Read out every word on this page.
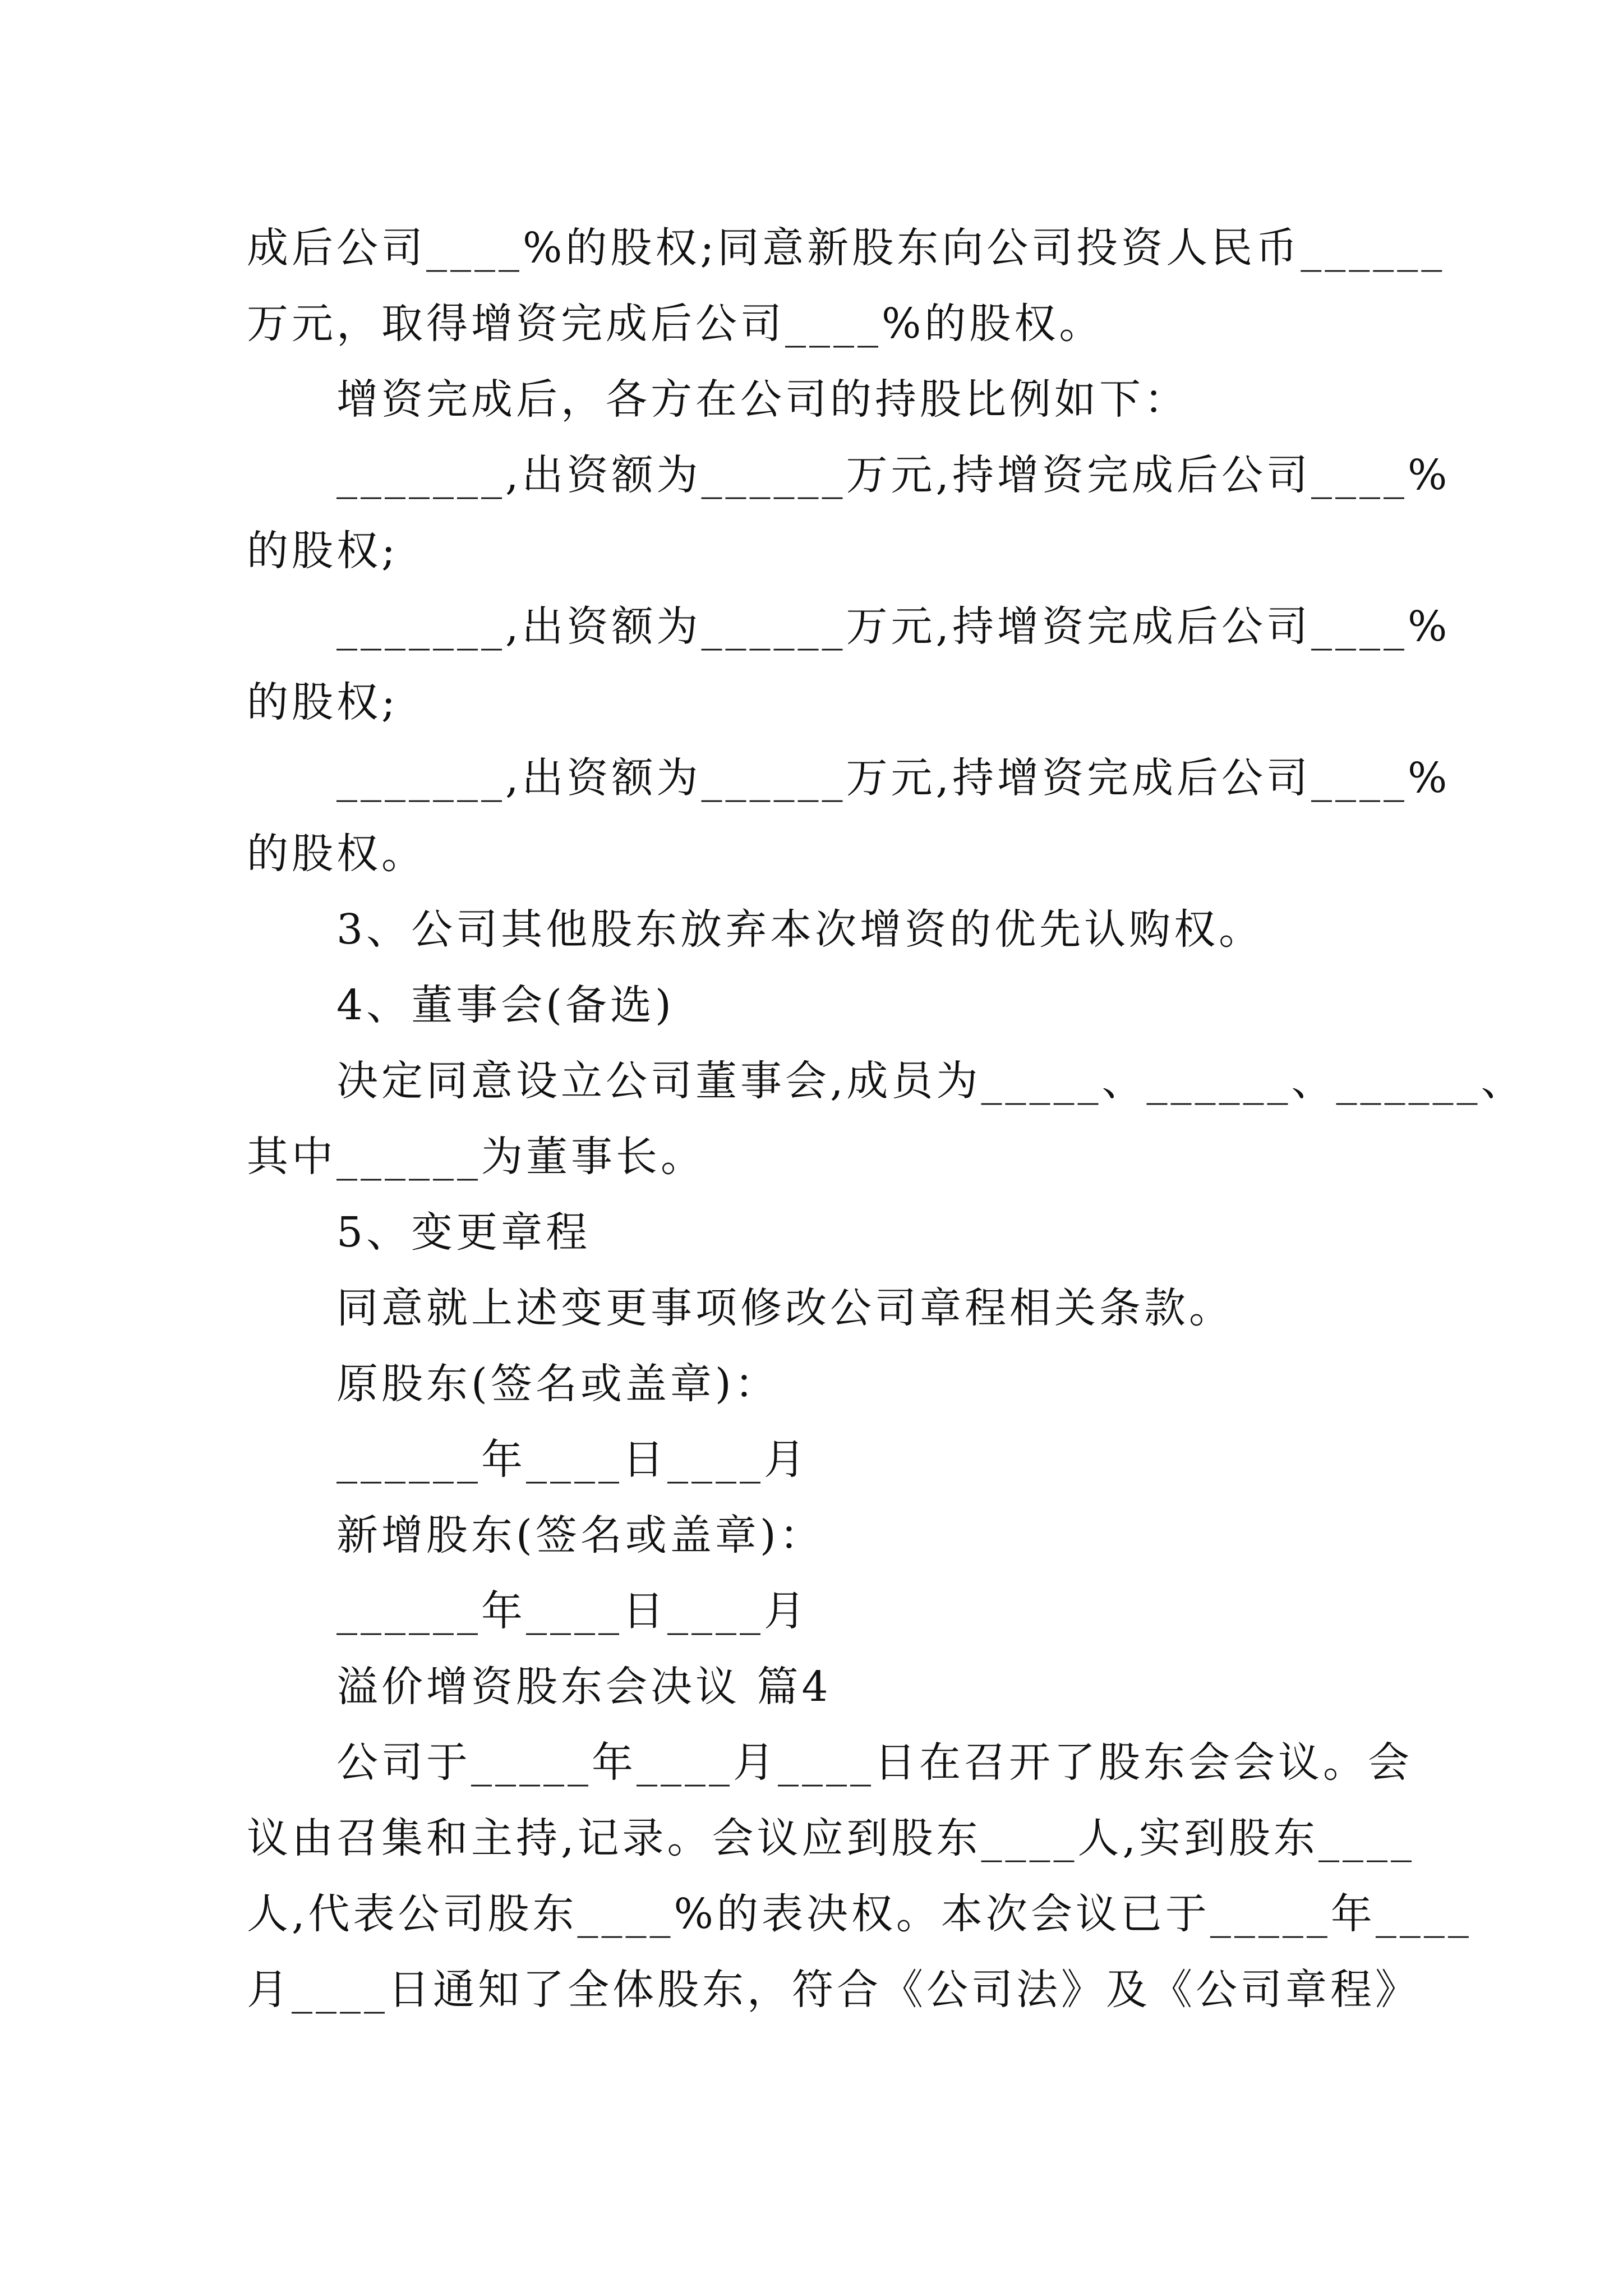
成后公司____%的股权;同意新股东向公司投资人民币______
万元，取得增资完成后公司____%的股权。
增资完成后，各方在公司的持股比例如下：
_______,出资额为______万元,持增资完成后公司____%
的股权;
_______,出资额为______万元,持增资完成后公司____%
的股权;
_______,出资额为______万元,持增资完成后公司____%
的股权。
3、公司其他股东放弃本次增资的优先认购权。
4、董事会(备选)
决定同意设立公司董事会,成员为_____、______、______、
其中______为董事长。
5、变更章程
同意就上述变更事项修改公司章程相关条款。
原股东(签名或盖章)：
______年____日____月
新增股东(签名或盖章)：
______年____日____月
溢价增资股东会决议 篇4
公司于_____年____月____日在召开了股东会会议。会
议由召集和主持,记录。会议应到股东____人,实到股东____
人,代表公司股东____%的表决权。本次会议已于_____年____
月____日通知了全体股东，符合《公司法》及《公司章程》
